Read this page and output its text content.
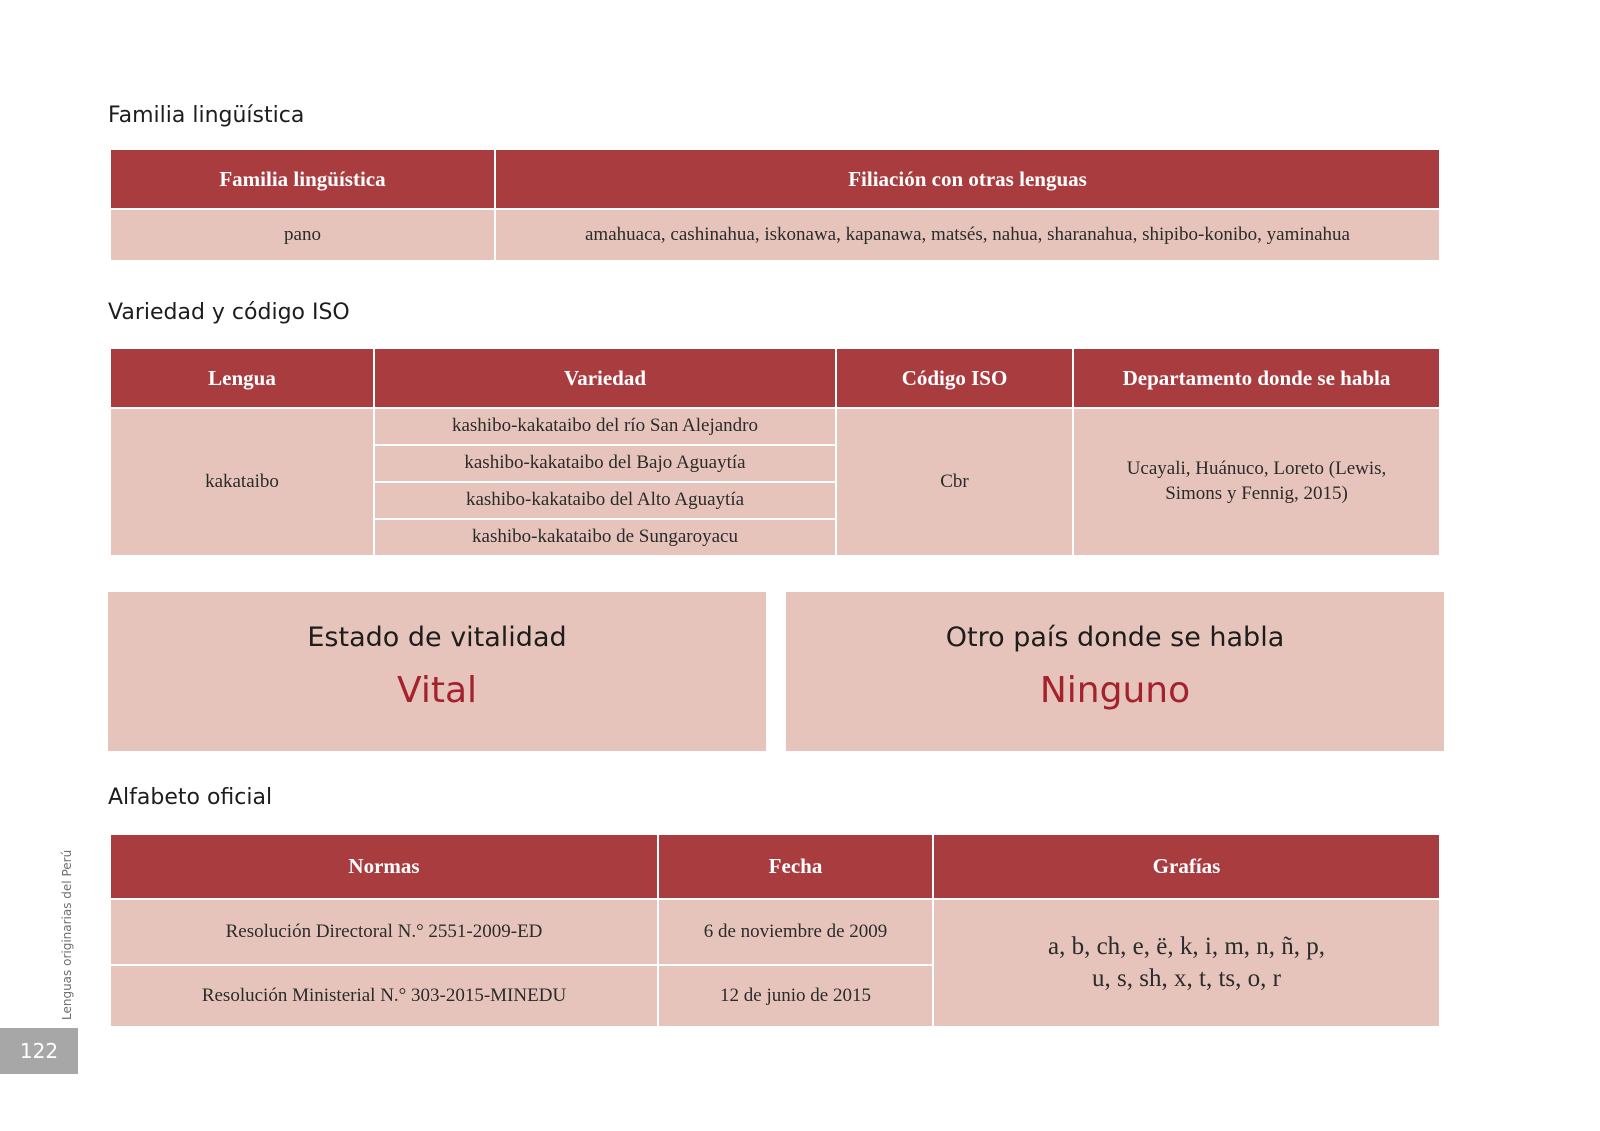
Familia lingüística
Familia lingüística	Filiación con otras lenguas
pano	amahuaca, cashinahua, iskonawa, kapanawa, matsés, nahua, sharanahua, shipibo-konibo, yaminahua
Variedad y código ISO
Lengua	Variedad	Código ISO	Departamento donde se habla
kakataibo	kashibo-kakataibo del río San Alejandro	Cbr	Ucayali, Huánuco, Loreto (Lewis, Simons y Fennig, 2015)
	kashibo-kakataibo del Bajo Aguaytía		
	kashibo-kakataibo del Alto Aguaytía		
	kashibo-kakataibo de Sungaroyacu		
Estado de vitalidad
Vital
Otro país donde se habla
Ninguno
Alfabeto oficial
Normas	Fecha	Grafías
Resolución Directoral N.° 2551-2009-ED	6 de noviembre de 2009	a, b, ch, e, ë, k, i, m, n, ñ, p,
u, s, sh, x, t, ts, o, r

Resolución Ministerial N.° 303-2015-MINEDU	12 de junio de 2015	
Lenguas originarias del Perú
122
